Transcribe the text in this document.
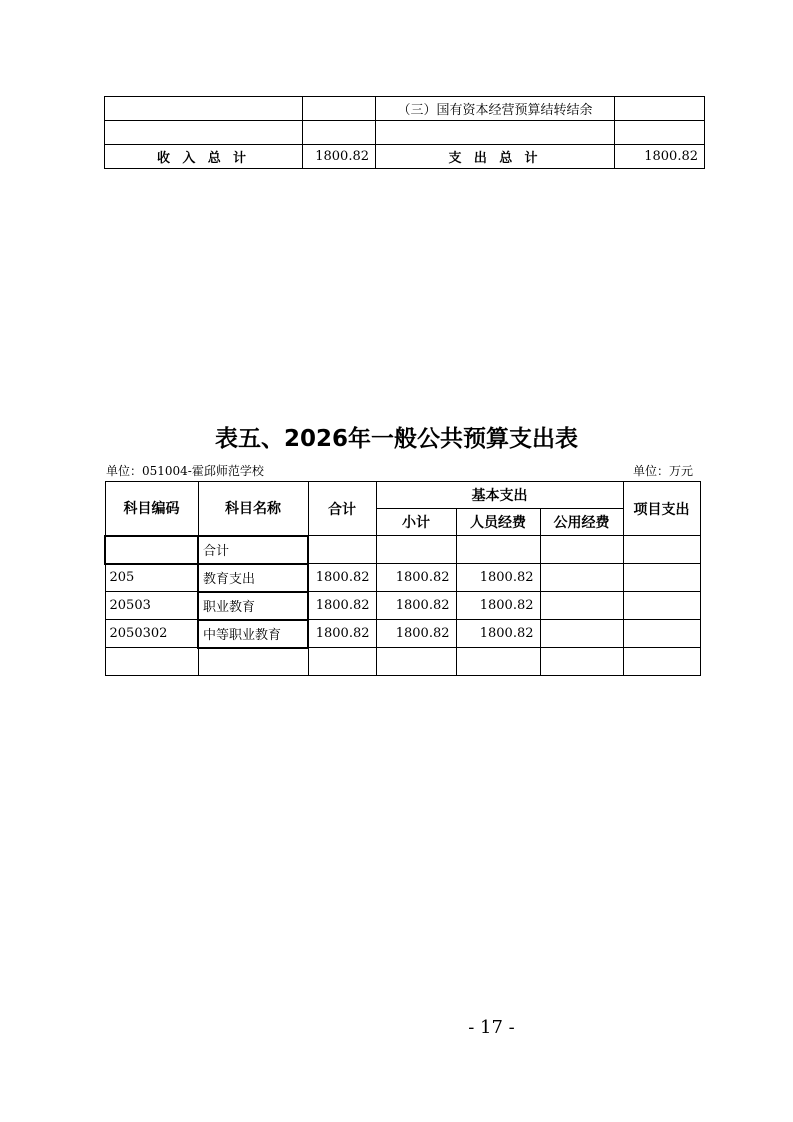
		（三）国有资本经营预算结转结余	

收 入 总 计	1800.82	支 出 总 计	1800.82
表五、2026年一般公共预算支出表
单位：051004-霍邱师范学校	单位：万元
科目编码	科目名称	合计	基本支出			项目支出
			小计	人员经费	公用经费	
	合计					
205	教育支出	1800.82	1800.82	1800.82		
20503	职业教育	1800.82	1800.82	1800.82		
2050302	中等职业教育	1800.82	1800.82	1800.82		

- 17 -
